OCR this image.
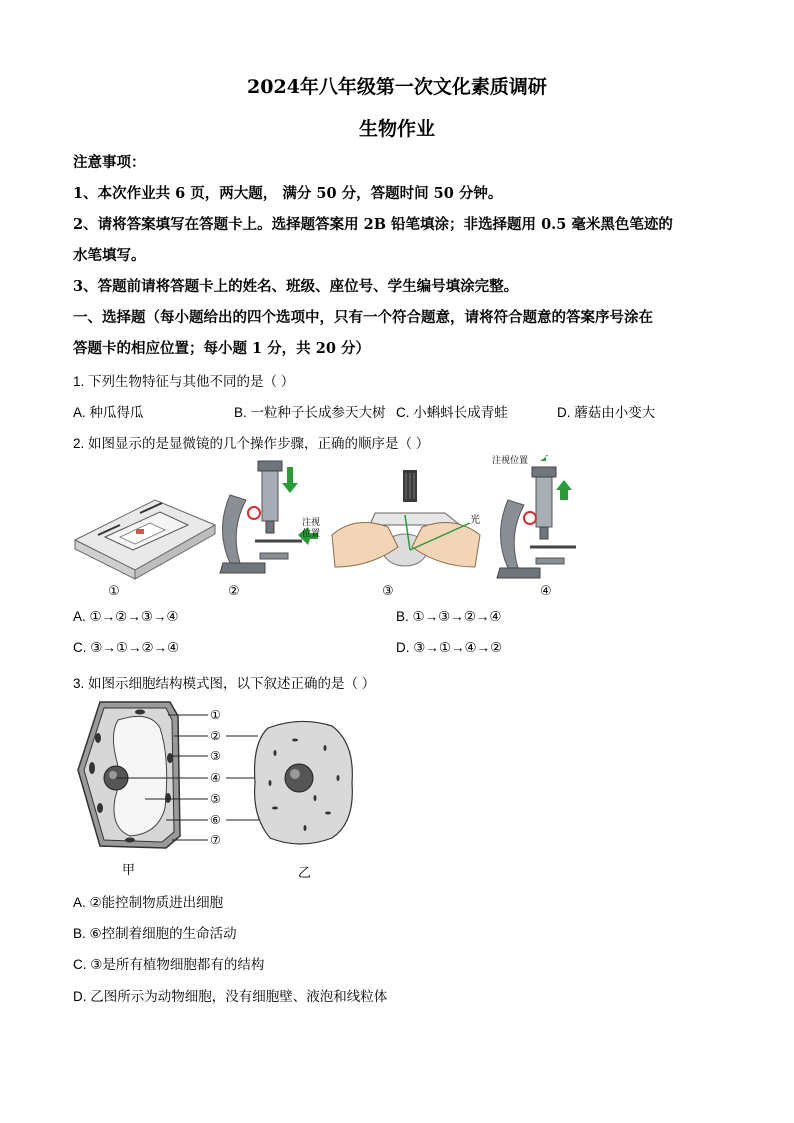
2024年八年级第一次文化素质调研
生物作业
注意事项：
1、本次作业共 6 页，两大题， 满分 50 分，答题时间 50 分钟。
2、请将答案填写在答题卡上。选择题答案用 2B 铅笔填涂；非选择题用 0.5 毫米黑色笔迹的
水笔填写。
3、答题前请将答题卡上的姓名、班级、座位号、学生编号填涂完整。
一、选择题（每小题给出的四个选项中，只有一个符合题意，请将符合题意的答案序号涂在
答题卡的相应位置；每小题 1 分，共 20 分）
1. 下列生物特征与其他不同的是（ ）
A. 种瓜得瓜	B. 一粒种子长成参天大树 C. 小蝌蚪长成青蛙	D. 蘑菇由小变大
2. 如图显示的是显微镜的几个操作步骤，正确的顺序是（ ）
①
注视
位置
②
光
③
注视位置
④
A. ①→②→③→④	B. ①→③→②→④
C. ③→①→②→④	D. ③→①→④→②
3. 如图示细胞结构模式图，以下叙述正确的是（ ）
①
②
③
④
⑤
⑥
⑦
甲	乙
A. ②能控制物质进出细胞
B. ⑥控制着细胞的生命活动
C. ③是所有植物细胞都有的结构
D. 乙图所示为动物细胞，没有细胞壁、液泡和线粒体
